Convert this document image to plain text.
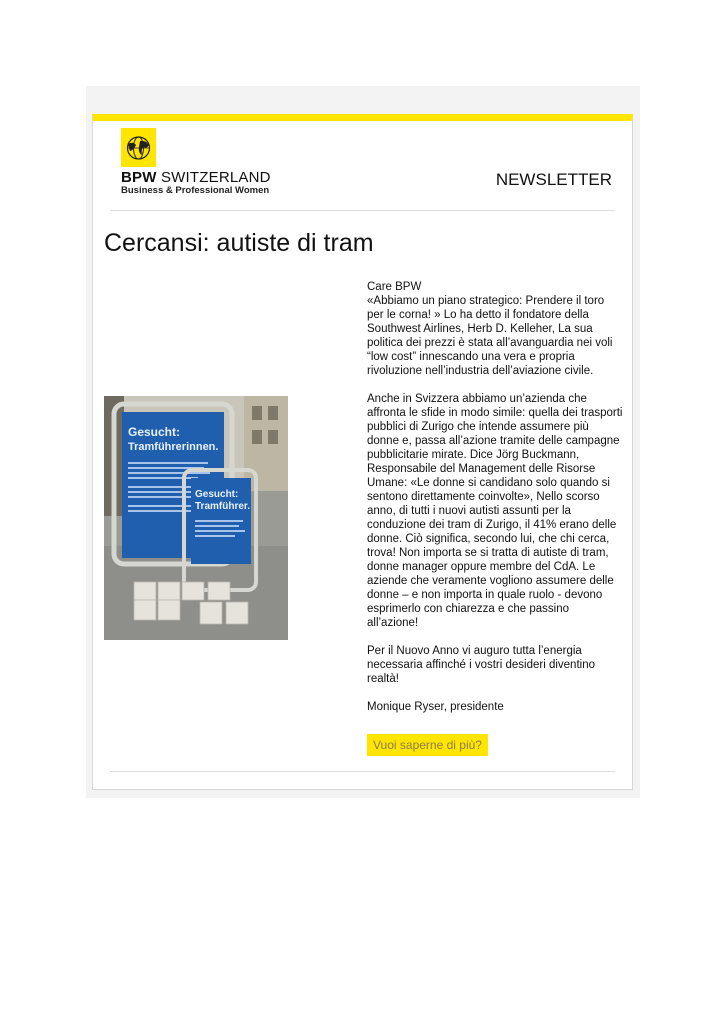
BPW SWITZERLAND
Business & Professional Women
NEWSLETTER
Cercansi: autiste di tram
Gesucht:
Tramführerinnen.
Gesucht:
Tramführer.
Care BPW

«Abbiamo un piano strategico: Prendere il toro per le corna! » Lo ha detto il fondatore della Southwest Airlines, Herb D. Kelleher, La sua politica dei prezzi è stata all’avanguardia nei voli “low cost” innescando una vera e propria rivoluzione nell’industria dell’aviazione civile.

Anche in Svizzera abbiamo un’azienda che affronta le sfide in modo simile: quella dei trasporti pubblici di Zurigo che intende assumere più donne e, passa all’azione tramite delle campagne pubblicitarie mirate. Dice Jörg Buckmann, Responsabile del Management delle Risorse Umane: «Le donne si candidano solo quando si sentono direttamente coinvolte», Nello scorso anno, di tutti i nuovi autisti assunti per la conduzione dei tram di Zurigo, il 41% erano delle donne. Ciò significa, secondo lui, che chi cerca, trova! Non importa se si tratta di autiste di tram, donne manager oppure membre del CdA. Le aziende che veramente vogliono assumere delle donne – e non importa in quale ruolo - devono esprimerlo con chiarezza e che passino all’azione!

Per il Nuovo Anno vi auguro tutta l’energia necessaria affinché i vostri desideri diventino realtà!

Monique Ryser, presidente

Vuoi saperne di più?
